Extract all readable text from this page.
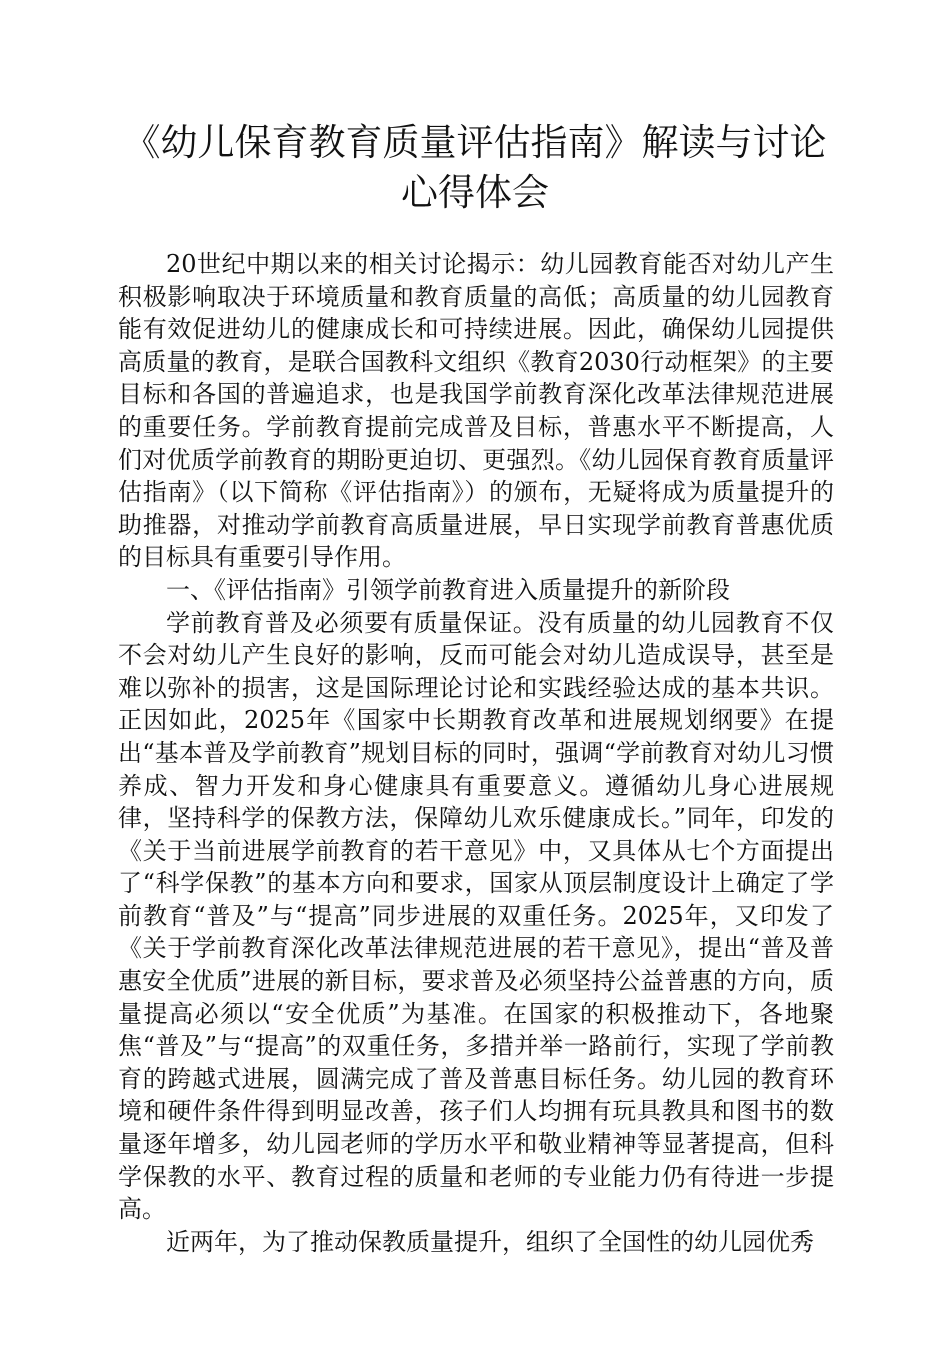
《幼儿保育教育质量评估指南》解读与讨论心得体会

20世纪中期以来的相关讨论揭示：幼儿园教育能否对幼儿产生积极影响取决于环境质量和教育质量的高低；高质量的幼儿园教育能有效促进幼儿的健康成长和可持续进展。因此，确保幼儿园提供高质量的教育，是联合国教科文组织《教育2030行动框架》的主要目标和各国的普遍追求，也是我国学前教育深化改革法律规范进展的重要任务。学前教育提前完成普及目标，普惠水平不断提高，人们对优质学前教育的期盼更迫切、更强烈。《幼儿园保育教育质量评估指南》（以下简称《评估指南》）的颁布，无疑将成为质量提升的助推器，对推动学前教育高质量进展，早日实现学前教育普惠优质的目标具有重要引导作用。

一、《评估指南》引领学前教育进入质量提升的新阶段

学前教育普及必须要有质量保证。没有质量的幼儿园教育不仅不会对幼儿产生良好的影响，反而可能会对幼儿造成误导，甚至是难以弥补的损害，这是国际理论讨论和实践经验达成的基本共识。正因如此，2025年《国家中长期教育改革和进展规划纲要》在提出“基本普及学前教育”规划目标的同时，强调“学前教育对幼儿习惯养成、智力开发和身心健康具有重要意义。遵循幼儿身心进展规律，坚持科学的保教方法，保障幼儿欢乐健康成长。”同年，印发的《关于当前进展学前教育的若干意见》中，又具体从七个方面提出了“科学保教”的基本方向和要求，国家从顶层制度设计上确定了学前教育“普及”与“提高”同步进展的双重任务。2025年，又印发了《关于学前教育深化改革法律规范进展的若干意见》，提出“普及普惠安全优质”进展的新目标，要求普及必须坚持公益普惠的方向，质量提高必须以“安全优质”为基准。在国家的积极推动下，各地聚焦“普及”与“提高”的双重任务，多措并举一路前行，实现了学前教育的跨越式进展，圆满完成了普及普惠目标任务。幼儿园的教育环境和硬件条件得到明显改善，孩子们人均拥有玩具教具和图书的数量逐年增多，幼儿园老师的学历水平和敬业精神等显著提高，但科学保教的水平、教育过程的质量和老师的专业能力仍有待进一步提高。

近两年，为了推动保教质量提升，组织了全国性的幼儿园优秀
